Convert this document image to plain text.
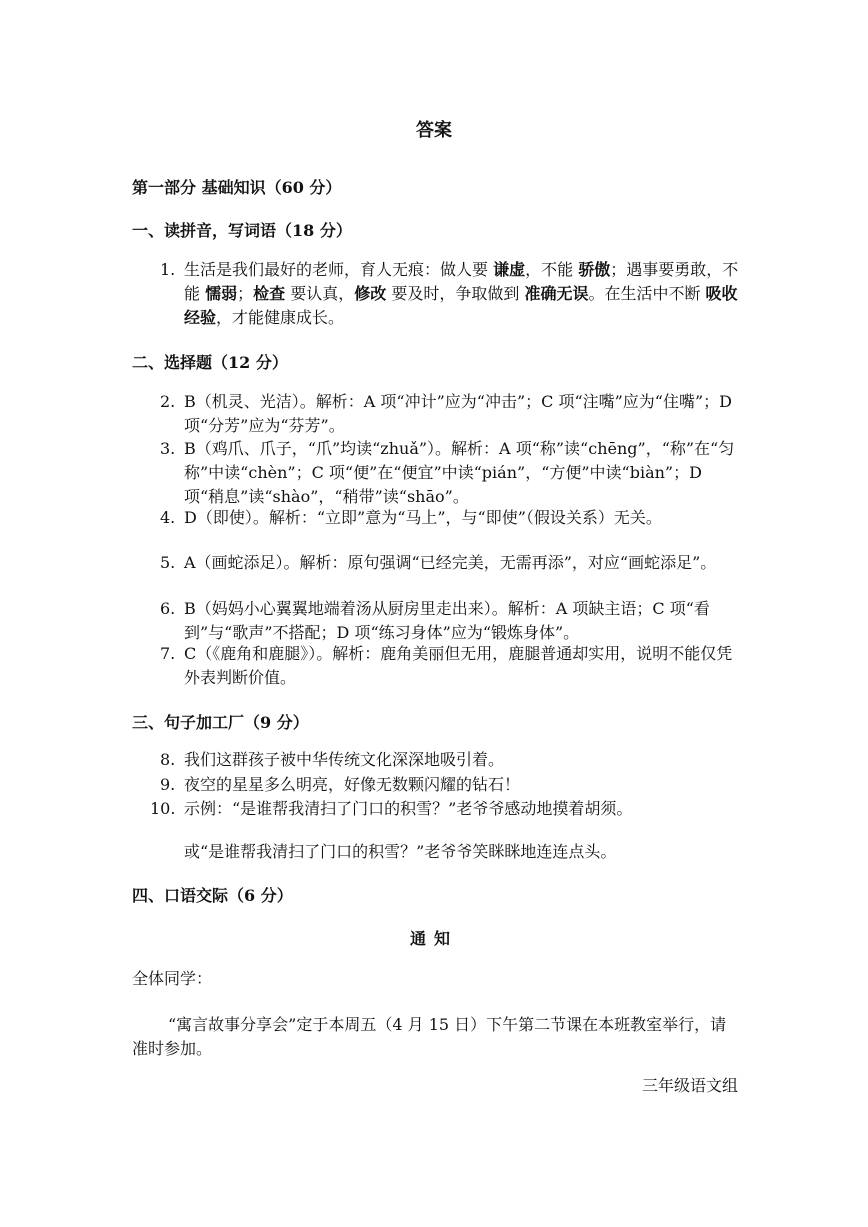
答案
第一部分 基础知识（60 分）
一、读拼音，写词语（18 分）
1. 生活是我们最好的老师，育人无痕：做人要 谦虚，不能 骄傲；遇事要勇敢，不能 懦弱；检查 要认真，修改 要及时，争取做到 准确无误。在生活中不断 吸收经验，才能健康成长。
二、选择题（12 分）
2. B（机灵、光洁）。解析：A 项“冲计”应为“冲击”；C 项“注嘴”应为“住嘴”；D 项“分芳”应为“芬芳”。
3. B（鸡爪、爪子，“爪”均读“zhuǎ”）。解析：A 项“称”读“chēng”，“称”在“匀称”中读“chèn”；C 项“便”在“便宜”中读“pián”，“方便”中读“biàn”；D 项“稍息”读“shào”，“稍带”读“shāo”。
4. D（即使）。解析：“立即”意为“马上”，与“即使”（假设关系）无关。
5. A（画蛇添足）。解析：原句强调“已经完美，无需再添”，对应“画蛇添足”。
6. B（妈妈小心翼翼地端着汤从厨房里走出来）。解析：A 项缺主语；C 项“看到”与“歌声”不搭配；D 项“练习身体”应为“锻炼身体”。
7. C（《鹿角和鹿腿》）。解析：鹿角美丽但无用，鹿腿普通却实用，说明不能仅凭外表判断价值。
三、句子加工厂（9 分）
8. 我们这群孩子被中华传统文化深深地吸引着。
9. 夜空的星星多么明亮，好像无数颗闪耀的钻石！
10. 示例：“是谁帮我清扫了门口的积雪？”老爷爷感动地摸着胡须。
或“是谁帮我清扫了门口的积雪？”老爷爷笑眯眯地连连点头。
四、口语交际（6 分）
通知
全体同学：
“寓言故事分享会”定于本周五（4 月 15 日）下午第二节课在本班教室举行，请准时参加。
三年级语文组
